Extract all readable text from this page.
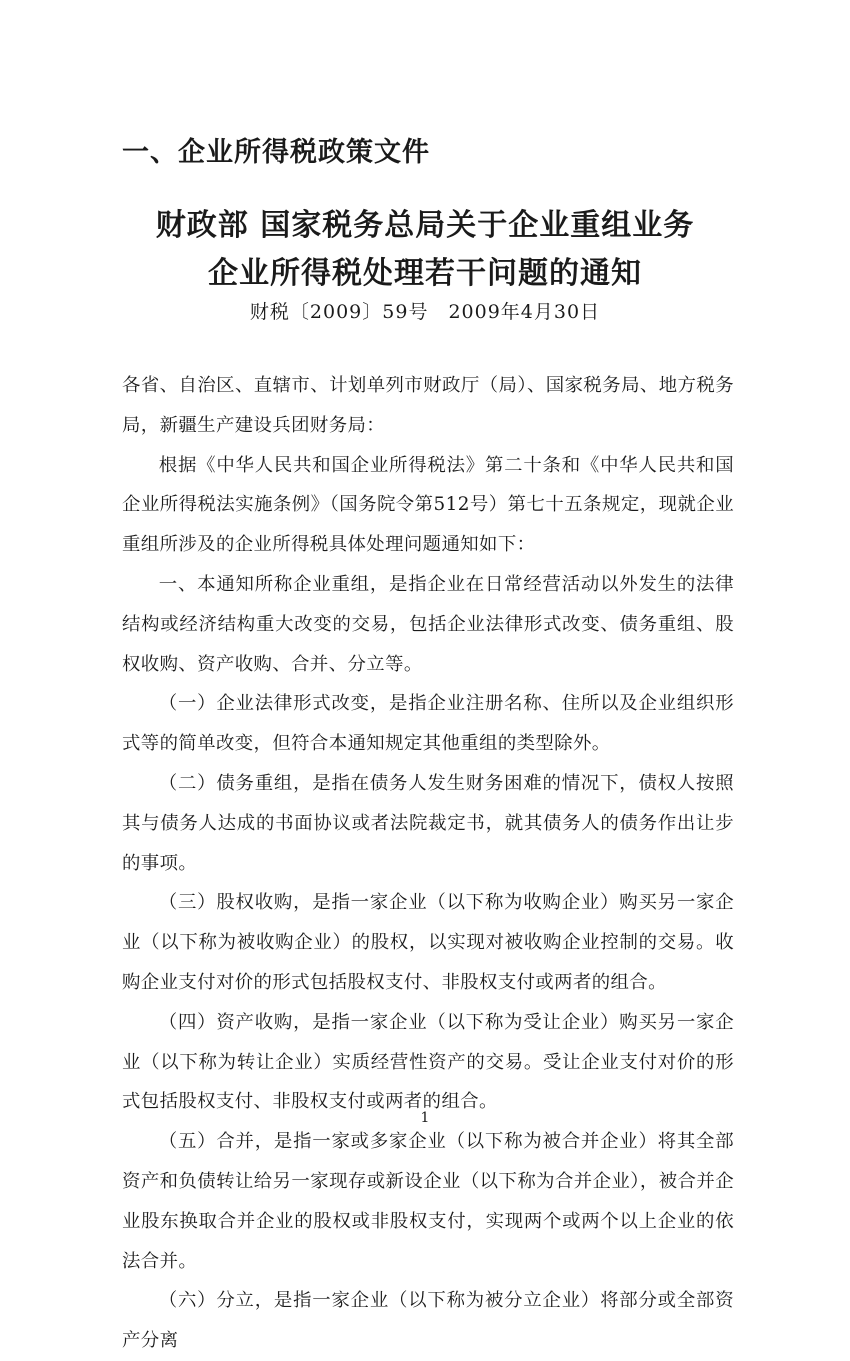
一、企业所得税政策文件
财政部 国家税务总局关于企业重组业务
企业所得税处理若干问题的通知
财税〔2009〕59号　2009年4月30日

各省、自治区、直辖市、计划单列市财政厅（局）、国家税务局、地方税务局，新疆生产建设兵团财务局：

根据《中华人民共和国企业所得税法》第二十条和《中华人民共和国企业所得税法实施条例》（国务院令第512号）第七十五条规定，现就企业重组所涉及的企业所得税具体处理问题通知如下：

一、本通知所称企业重组，是指企业在日常经营活动以外发生的法律结构或经济结构重大改变的交易，包括企业法律形式改变、债务重组、股权收购、资产收购、合并、分立等。

（一）企业法律形式改变，是指企业注册名称、住所以及企业组织形式等的简单改变，但符合本通知规定其他重组的类型除外。

（二）债务重组，是指在债务人发生财务困难的情况下，债权人按照其与债务人达成的书面协议或者法院裁定书，就其债务人的债务作出让步的事项。

（三）股权收购，是指一家企业（以下称为收购企业）购买另一家企业（以下称为被收购企业）的股权，以实现对被收购企业控制的交易。收购企业支付对价的形式包括股权支付、非股权支付或两者的组合。

（四）资产收购，是指一家企业（以下称为受让企业）购买另一家企业（以下称为转让企业）实质经营性资产的交易。受让企业支付对价的形式包括股权支付、非股权支付或两者的组合。

（五）合并，是指一家或多家企业（以下称为被合并企业）将其全部资产和负债转让给另一家现存或新设企业（以下称为合并企业），被合并企业股东换取合并企业的股权或非股权支付，实现两个或两个以上企业的依法合并。

（六）分立，是指一家企业（以下称为被分立企业）将部分或全部资产分离

1
